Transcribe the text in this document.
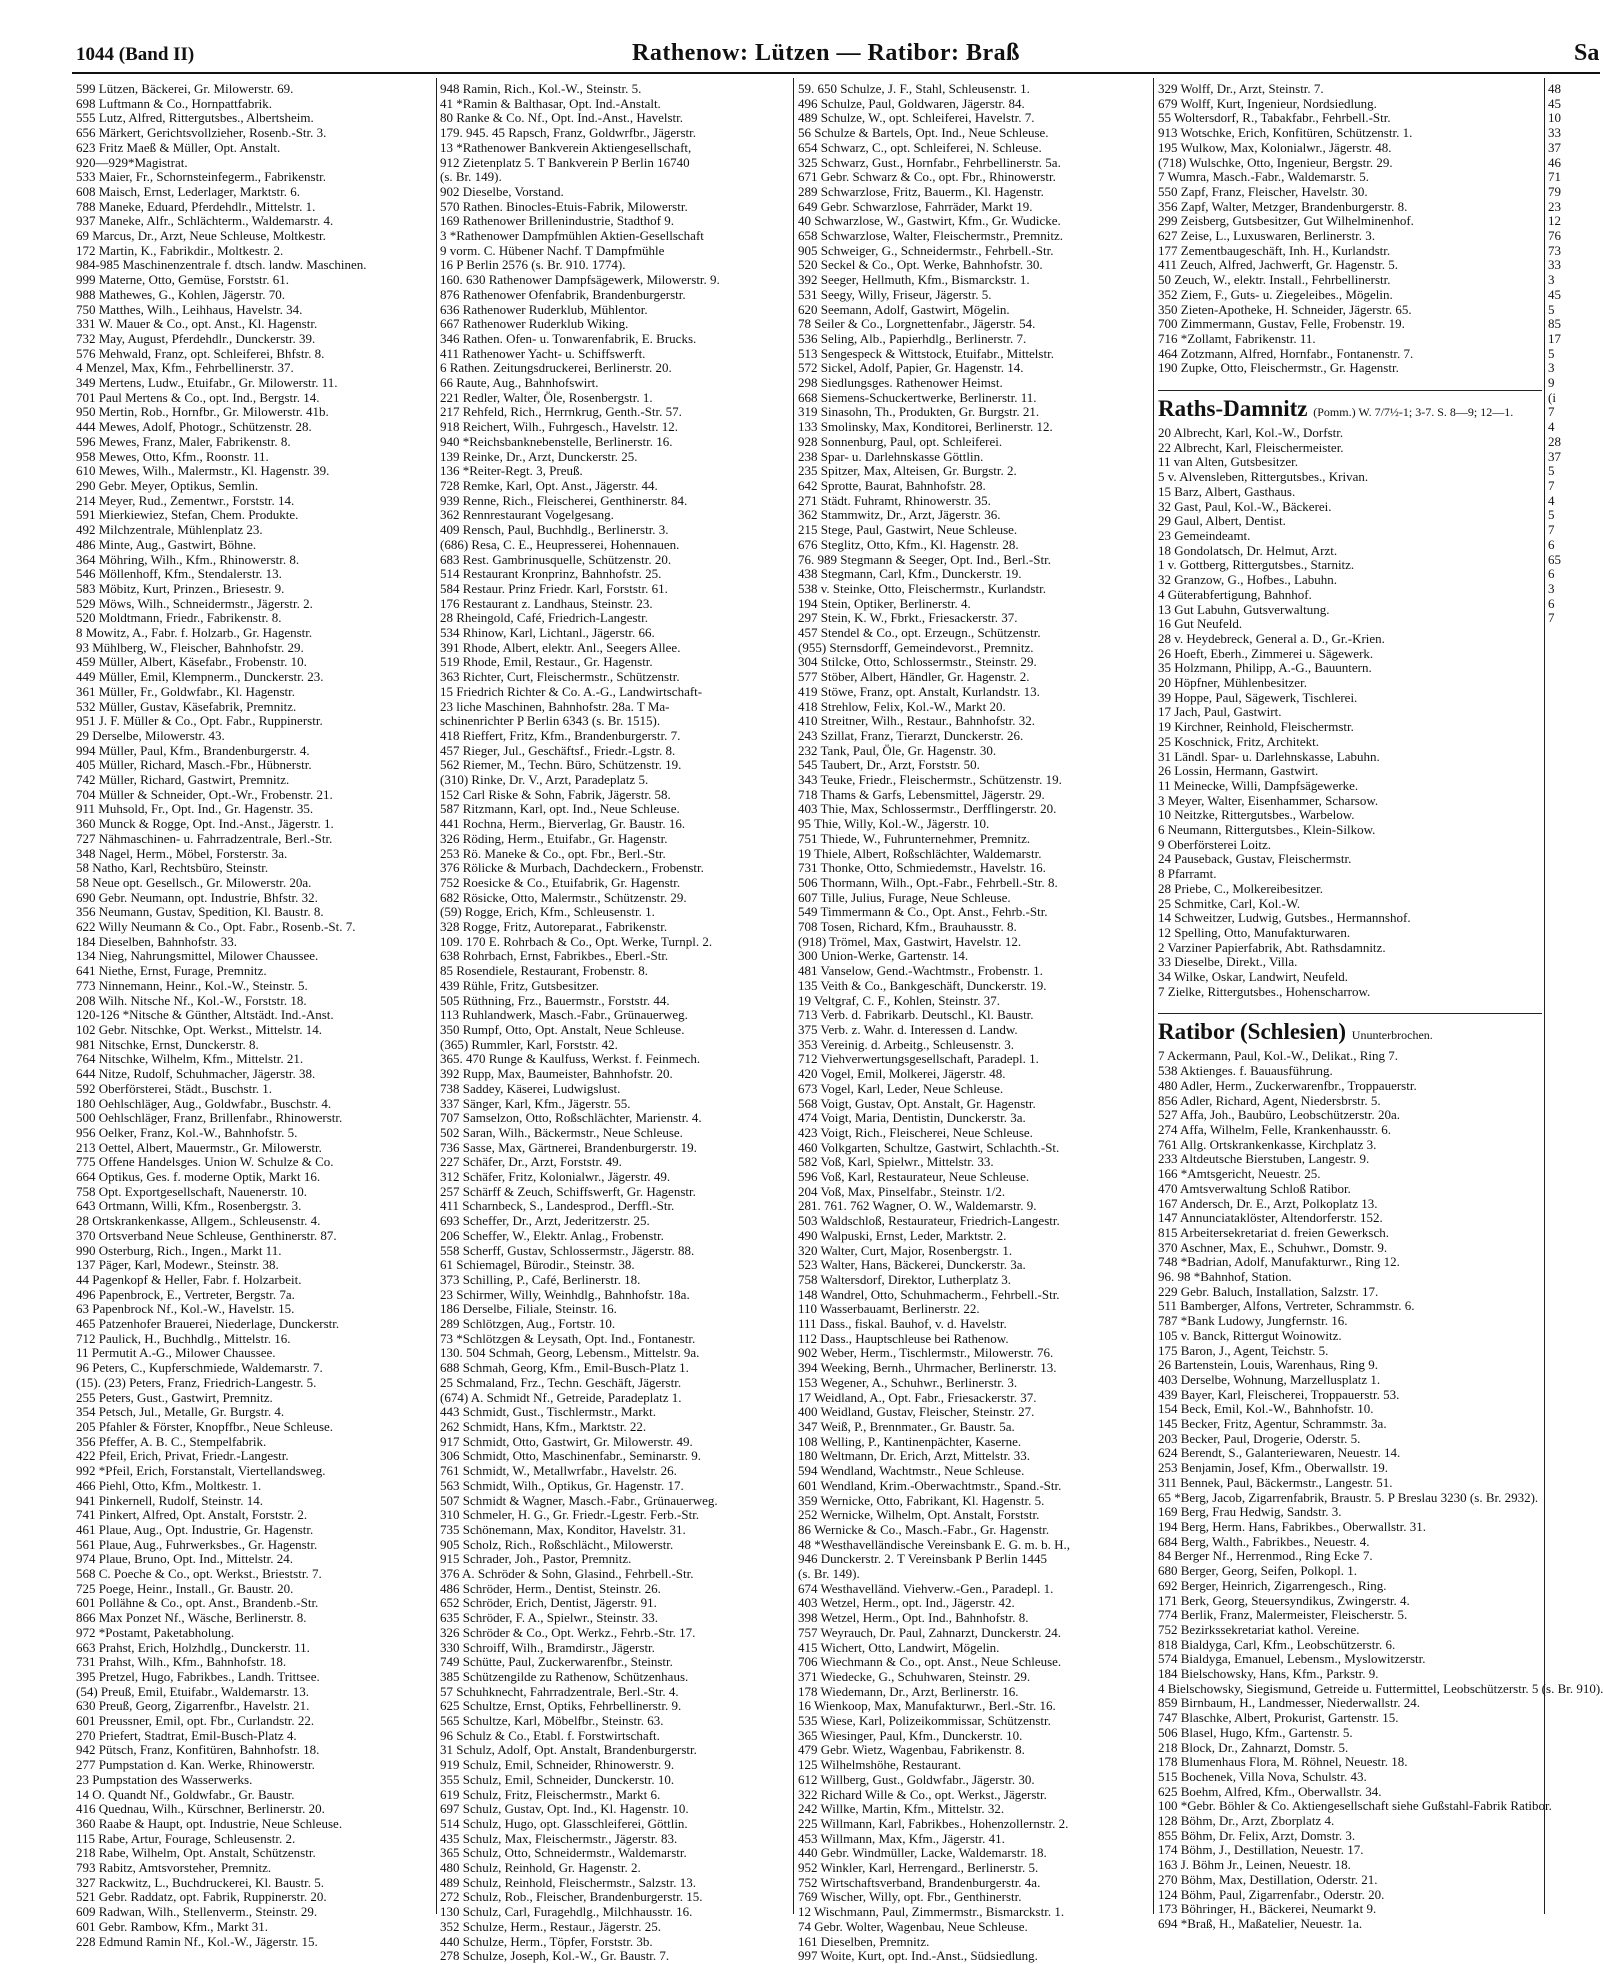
1044 (Band II)	Rathenow: Lützen — Ratibor: Braß	Sa
599 Lützen, Bäckerei, Gr. Milowerstr. 69.
698 Luftmann & Co., Hornpattfabrik.
555 Lutz, Alfred, Rittergutsbes., Albertsheim.
656 Märkert, Gerichtsvollzieher, Rosenb.-Str. 3.
623 Fritz Maeß & Müller, Opt. Anstalt.
920—929*Magistrat.
533 Maier, Fr., Schornsteinfegerm., Fabrikenstr.
608 Maisch, Ernst, Lederlager, Marktstr. 6.
788 Maneke, Eduard, Pferdehdlr., Mittelstr. 1.
937 Maneke, Alfr., Schlächterm., Waldemarstr. 4.
69 Marcus, Dr., Arzt, Neue Schleuse, Moltkestr.
172 Martin, K., Fabrikdir., Moltkestr. 2.
984-985 Maschinenzentrale f. dtsch. landw. Maschinen.
999 Materne, Otto, Gemüse, Forststr. 61.
988 Mathewes, G., Kohlen, Jägerstr. 70.
750 Matthes, Wilh., Leihhaus, Havelstr. 34.
331 W. Mauer & Co., opt. Anst., Kl. Hagenstr.
732 May, August, Pferdehdlr., Dunckerstr. 39.
576 Mehwald, Franz, opt. Schleiferei, Bhfstr. 8.
4 Menzel, Max, Kfm., Fehrbellinerstr. 37.
349 Mertens, Ludw., Etuifabr., Gr. Milowerstr. 11.
701 Paul Mertens & Co., opt. Ind., Bergstr. 14.
950 Mertin, Rob., Hornfbr., Gr. Milowerstr. 41b.
444 Mewes, Adolf, Photogr., Schützenstr. 28.
596 Mewes, Franz, Maler, Fabrikenstr. 8.
958 Mewes, Otto, Kfm., Roonstr. 11.
610 Mewes, Wilh., Malermstr., Kl. Hagenstr. 39.
290 Gebr. Meyer, Optikus, Semlin.
214 Meyer, Rud., Zementwr., Forststr. 14.
591 Mierkiewiez, Stefan, Chem. Produkte.
492 Milchzentrale, Mühlenplatz 23.
486 Minte, Aug., Gastwirt, Böhne.
364 Möhring, Wilh., Kfm., Rhinowerstr. 8.
546 Möllenhoff, Kfm., Stendalerstr. 13.
583 Möbitz, Kurt, Prinzen., Briesestr. 9.
529 Möws, Wilh., Schneidermstr., Jägerstr. 2.
520 Moldtmann, Friedr., Fabrikenstr. 8.
8 Mowitz, A., Fabr. f. Holzarb., Gr. Hagenstr.
93 Mühlberg, W., Fleischer, Bahnhofstr. 29.
459 Müller, Albert, Käsefabr., Frobenstr. 10.
449 Müller, Emil, Klempnerm., Dunckerstr. 23.
361 Müller, Fr., Goldwfabr., Kl. Hagenstr.
532 Müller, Gustav, Käsefabrik, Premnitz.
951 J. F. Müller & Co., Opt. Fabr., Ruppinerstr.
29 Derselbe, Milowerstr. 43.
994 Müller, Paul, Kfm., Brandenburgerstr. 4.
405 Müller, Richard, Masch.-Fbr., Hübnerstr.
742 Müller, Richard, Gastwirt, Premnitz.
704 Müller & Schneider, Opt.-Wr., Frobenstr. 21.
911 Muhsold, Fr., Opt. Ind., Gr. Hagenstr. 35.
360 Munck & Rogge, Opt. Ind.-Anst., Jägerstr. 1.
727 Nähmaschinen- u. Fahrradzentrale, Berl.-Str.
348 Nagel, Herm., Möbel, Forsterstr. 3a.
58 Natho, Karl, Rechtsbüro, Steinstr.
58 Neue opt. Gesellsch., Gr. Milowerstr. 20a.
690 Gebr. Neumann, opt. Industrie, Bhfstr. 32.
356 Neumann, Gustav, Spedition, Kl. Baustr. 8.
622 Willy Neumann & Co., Opt. Fabr., Rosenb.-St. 7.
184 Dieselben, Bahnhofstr. 33.
134 Nieg, Nahrungsmittel, Milower Chaussee.
641 Niethe, Ernst, Furage, Premnitz.
773 Ninnemann, Heinr., Kol.-W., Steinstr. 5.
208 Wilh. Nitsche Nf., Kol.-W., Forststr. 18.
120-126 *Nitsche & Günther, Altstädt. Ind.-Anst.
102 Gebr. Nitschke, Opt. Werkst., Mittelstr. 14.
981 Nitschke, Ernst, Dunckerstr. 8.
764 Nitschke, Wilhelm, Kfm., Mittelstr. 21.
644 Nitze, Rudolf, Schuhmacher, Jägerstr. 38.
592 Oberförsterei, Städt., Buschstr. 1.
180 Oehlschläger, Aug., Goldwfabr., Buschstr. 4.
500 Oehlschläger, Franz, Brillenfabr., Rhinowerstr.
956 Oelker, Franz, Kol.-W., Bahnhofstr. 5.
213 Oettel, Albert, Mauermstr., Gr. Milowerstr.
775 Offene Handelsges. Union W. Schulze & Co.
664 Optikus, Ges. f. moderne Optik, Markt 16.
758 Opt. Exportgesellschaft, Nauenerstr. 10.
643 Ortmann, Willi, Kfm., Rosenbergstr. 3.
28 Ortskrankenkasse, Allgem., Schleusenstr. 4.
370 Ortsverband Neue Schleuse, Genthinerstr. 87.
990 Osterburg, Rich., Ingen., Markt 11.
137 Päger, Karl, Modewr., Steinstr. 38.
44 Pagenkopf & Heller, Fabr. f. Holzarbeit.
496 Papenbrock, E., Vertreter, Bergstr. 7a.
63 Papenbrock Nf., Kol.-W., Havelstr. 15.
465 Patzenhofer Brauerei, Niederlage, Dunckerstr.
712 Paulick, H., Buchhdlg., Mittelstr. 16.
11 Permutit A.-G., Milower Chaussee.
96 Peters, C., Kupferschmiede, Waldemarstr. 7.
(15). (23) Peters, Franz, Friedrich-Langestr. 5.
255 Peters, Gust., Gastwirt, Premnitz.
354 Petsch, Jul., Metalle, Gr. Burgstr. 4.
205 Pfahler & Förster, Knopffbr., Neue Schleuse.
356 Pfeffer, A. B. C., Stempelfabrik.
422 Pfeil, Erich, Privat, Friedr.-Langestr.
992 *Pfeil, Erich, Forstanstalt, Viertellandsweg.
466 Piehl, Otto, Kfm., Moltkestr. 1.
941 Pinkernell, Rudolf, Steinstr. 14.
741 Pinkert, Alfred, Opt. Anstalt, Forststr. 2.
461 Plaue, Aug., Opt. Industrie, Gr. Hagenstr.
561 Plaue, Aug., Fuhrwerksbes., Gr. Hagenstr.
974 Plaue, Bruno, Opt. Ind., Mittelstr. 24.
568 C. Poeche & Co., opt. Werkst., Brieststr. 7.
725 Poege, Heinr., Install., Gr. Baustr. 20.
601 Pollähne & Co., opt. Anst., Brandenb.-Str.
866 Max Ponzet Nf., Wäsche, Berlinerstr. 8.
972 *Postamt, Paketabholung.
663 Prahst, Erich, Holzhdlg., Dunckerstr. 11.
731 Prahst, Wilh., Kfm., Bahnhofstr. 18.
395 Pretzel, Hugo, Fabrikbes., Landh. Trittsee.
(54) Preuß, Emil, Etuifabr., Waldemarstr. 13.
630 Preuß, Georg, Zigarrenfbr., Havelstr. 21.
601 Preussner, Emil, opt. Fbr., Curlandstr. 22.
270 Priefert, Stadtrat, Emil-Busch-Platz 4.
942 Pütsch, Franz, Konfitüren, Bahnhofstr. 18.
277 Pumpstation d. Kan. Werke, Rhinowerstr.
23 Pumpstation des Wasserwerks.
14 O. Quandt Nf., Goldwfabr., Gr. Baustr.
416 Quednau, Wilh., Kürschner, Berlinerstr. 20.
360 Raabe & Haupt, opt. Industrie, Neue Schleuse.
115 Rabe, Artur, Fourage, Schleusenstr. 2.
218 Rabe, Wilhelm, Opt. Anstalt, Schützenstr.
793 Rabitz, Amtsvorsteher, Premnitz.
327 Rackwitz, L., Buchdruckerei, Kl. Baustr. 5.
521 Gebr. Raddatz, opt. Fabrik, Ruppinerstr. 20.
609 Radwan, Wilh., Stellenverm., Steinstr. 29.
601 Gebr. Rambow, Kfm., Markt 31.
228 Edmund Ramin Nf., Kol.-W., Jägerstr. 15.
948 Ramin, Rich., Kol.-W., Steinstr. 5.
41 *Ramin & Balthasar, Opt. Ind.-Anstalt.
80 Ranke & Co. Nf., Opt. Ind.-Anst., Havelstr.
179. 945. 45 Rapsch, Franz, Goldwrfbr., Jägerstr.
13 *Rathenower Bankverein Aktiengesellschaft,
912 Zietenplatz 5. T Bankverein P Berlin 16740
(s. Br. 149).
902 Dieselbe, Vorstand.
570 Rathen. Binocles-Etuis-Fabrik, Milowerstr.
169 Rathenower Brillenindustrie, Stadthof 9.
3 *Rathenower Dampfmühlen Aktien-Gesellschaft
9 vorm. C. Hübener Nachf. T Dampfmühle
16 P Berlin 2576 (s. Br. 910. 1774).
160. 630 Rathenower Dampfsägewerk, Milowerstr. 9.
876 Rathenower Ofenfabrik, Brandenburgerstr.
636 Rathenower Ruderklub, Mühlentor.
667 Rathenower Ruderklub Wiking.
346 Rathen. Ofen- u. Tonwarenfabrik, E. Brucks.
411 Rathenower Yacht- u. Schiffswerft.
6 Rathen. Zeitungsdruckerei, Berlinerstr. 20.
66 Raute, Aug., Bahnhofswirt.
221 Redler, Walter, Öle, Rosenbergstr. 1.
217 Rehfeld, Rich., Herrnkrug, Genth.-Str. 57.
918 Reichert, Wilh., Fuhrgesch., Havelstr. 12.
940 *Reichsbanknebenstelle, Berlinerstr. 16.
139 Reinke, Dr., Arzt, Dunckerstr. 25.
136 *Reiter-Regt. 3, Preuß.
728 Remke, Karl, Opt. Anst., Jägerstr. 44.
939 Renne, Rich., Fleischerei, Genthinerstr. 84.
362 Rennrestaurant Vogelgesang.
409 Rensch, Paul, Buchhdlg., Berlinerstr. 3.
(686) Resa, C. E., Heupresserei, Hohennauen.
683 Rest. Gambrinusquelle, Schützenstr. 20.
514 Restaurant Kronprinz, Bahnhofstr. 25.
584 Restaur. Prinz Friedr. Karl, Forststr. 61.
176 Restaurant z. Landhaus, Steinstr. 23.
28 Rheingold, Café, Friedrich-Langestr.
534 Rhinow, Karl, Lichtanl., Jägerstr. 66.
391 Rhode, Albert, elektr. Anl., Seegers Allee.
519 Rhode, Emil, Restaur., Gr. Hagenstr.
363 Richter, Curt, Fleischermstr., Schützenstr.
15 Friedrich Richter & Co. A.-G., Landwirtschaft-
23 liche Maschinen, Bahnhofstr. 28a. T Ma-
schinenrichter P Berlin 6343 (s. Br. 1515).
418 Rieffert, Fritz, Kfm., Brandenburgerstr. 7.
457 Rieger, Jul., Geschäftsf., Friedr.-Lgstr. 8.
562 Riemer, M., Techn. Büro, Schützenstr. 19.
(310) Rinke, Dr. V., Arzt, Paradeplatz 5.
152 Carl Riske & Sohn, Fabrik, Jägerstr. 58.
587 Ritzmann, Karl, opt. Ind., Neue Schleuse.
441 Rochna, Herm., Bierverlag, Gr. Baustr. 16.
326 Röding, Herm., Etuifabr., Gr. Hagenstr.
253 Rö. Maneke & Co., opt. Fbr., Berl.-Str.
376 Rölicke & Murbach, Dachdeckern., Frobenstr.
752 Roesicke & Co., Etuifabrik, Gr. Hagenstr.
682 Rösicke, Otto, Malermstr., Schützenstr. 29.
(59) Rogge, Erich, Kfm., Schleusenstr. 1.
328 Rogge, Fritz, Autoreparat., Fabrikenstr.
109. 170 E. Rohrbach & Co., Opt. Werke, Turnpl. 2.
638 Rohrbach, Ernst, Fabrikbes., Eberl.-Str.
85 Rosendiele, Restaurant, Frobenstr. 8.
439 Rühle, Fritz, Gutsbesitzer.
505 Rüthning, Frz., Bauermstr., Forststr. 44.
113 Ruhlandwerk, Masch.-Fabr., Grünauerweg.
350 Rumpf, Otto, Opt. Anstalt, Neue Schleuse.
(365) Rummler, Karl, Forststr. 42.
365. 470 Runge & Kaulfuss, Werkst. f. Feinmech.
392 Rupp, Max, Baumeister, Bahnhofstr. 20.
738 Saddey, Käserei, Ludwigslust.
337 Sänger, Karl, Kfm., Jägerstr. 55.
707 Samselzon, Otto, Roßschlächter, Marienstr. 4.
502 Saran, Wilh., Bäckermstr., Neue Schleuse.
736 Sasse, Max, Gärtnerei, Brandenburgerstr. 19.
227 Schäfer, Dr., Arzt, Forststr. 49.
312 Schäfer, Fritz, Kolonialwr., Jägerstr. 49.
257 Schärff & Zeuch, Schiffswerft, Gr. Hagenstr.
411 Scharnbeck, S., Landesprod., Derffl.-Str.
693 Scheffer, Dr., Arzt, Jederitzerstr. 25.
206 Scheffer, W., Elektr. Anlag., Frobenstr.
558 Scherff, Gustav, Schlossermstr., Jägerstr. 88.
61 Schiemagel, Bürodir., Steinstr. 38.
373 Schilling, P., Café, Berlinerstr. 18.
23 Schirmer, Willy, Weinhdlg., Bahnhofstr. 18a.
186 Derselbe, Filiale, Steinstr. 16.
289 Schlötzgen, Aug., Fortstr. 10.
73 *Schlötzgen & Leysath, Opt. Ind., Fontanestr.
130. 504 Schmah, Georg, Lebensm., Mittelstr. 9a.
688 Schmah, Georg, Kfm., Emil-Busch-Platz 1.
25 Schmaland, Frz., Techn. Geschäft, Jägerstr.
(674) A. Schmidt Nf., Getreide, Paradeplatz 1.
443 Schmidt, Gust., Tischlermstr., Markt.
262 Schmidt, Hans, Kfm., Marktstr. 22.
917 Schmidt, Otto, Gastwirt, Gr. Milowerstr. 49.
306 Schmidt, Otto, Maschinenfabr., Seminarstr. 9.
761 Schmidt, W., Metallwrfabr., Havelstr. 26.
563 Schmidt, Wilh., Optikus, Gr. Hagenstr. 17.
507 Schmidt & Wagner, Masch.-Fabr., Grünauerweg.
310 Schmeler, H. G., Gr. Friedr.-Lgestr. Ferb.-Str.
735 Schönemann, Max, Konditor, Havelstr. 31.
905 Scholz, Rich., Roßschlächt., Milowerstr.
915 Schrader, Joh., Pastor, Premnitz.
376 A. Schröder & Sohn, Glasind., Fehrbell.-Str.
486 Schröder, Herm., Dentist, Steinstr. 26.
652 Schröder, Erich, Dentist, Jägerstr. 91.
635 Schröder, F. A., Spielwr., Steinstr. 33.
326 Schröder & Co., Opt. Werkz., Fehrb.-Str. 17.
330 Schroiff, Wilh., Bramdirstr., Jägerstr.
749 Schütte, Paul, Zuckerwarenfbr., Steinstr.
385 Schützengilde zu Rathenow, Schützenhaus.
57 Schuhknecht, Fahrradzentrale, Berl.-Str. 4.
625 Schultze, Ernst, Optiks, Fehrbellinerstr. 9.
565 Schultze, Karl, Möbelfbr., Steinstr. 63.
96 Schulz & Co., Etabl. f. Forstwirtschaft.
31 Schulz, Adolf, Opt. Anstalt, Brandenburgerstr.
919 Schulz, Emil, Schneider, Rhinowerstr. 9.
355 Schulz, Emil, Schneider, Dunckerstr. 10.
619 Schulz, Fritz, Fleischermstr., Markt 6.
697 Schulz, Gustav, Opt. Ind., Kl. Hagenstr. 10.
514 Schulz, Hugo, opt. Glasschleiferei, Göttlin.
435 Schulz, Max, Fleischermstr., Jägerstr. 83.
365 Schulz, Otto, Schneidermstr., Waldemarstr.
480 Schulz, Reinhold, Gr. Hagenstr. 2.
489 Schulz, Reinhold, Fleischermstr., Salzstr. 13.
272 Schulz, Rob., Fleischer, Brandenburgerstr. 15.
130 Schulz, Carl, Furagehdlg., Milchhausstr. 16.
352 Schulze, Herm., Restaur., Jägerstr. 25.
440 Schulze, Herm., Töpfer, Forststr. 3b.
278 Schulze, Joseph, Kol.-W., Gr. Baustr. 7.
59. 650 Schulze, J. F., Stahl, Schleusenstr. 1.
496 Schulze, Paul, Goldwaren, Jägerstr. 84.
489 Schulze, W., opt. Schleiferei, Havelstr. 7.
56 Schulze & Bartels, Opt. Ind., Neue Schleuse.
654 Schwarz, C., opt. Schleiferei, N. Schleuse.
325 Schwarz, Gust., Hornfabr., Fehrbellinerstr. 5a.
671 Gebr. Schwarz & Co., opt. Fbr., Rhinowerstr.
289 Schwarzlose, Fritz, Bauerm., Kl. Hagenstr.
649 Gebr. Schwarzlose, Fahrräder, Markt 19.
40 Schwarzlose, W., Gastwirt, Kfm., Gr. Wudicke.
658 Schwarzlose, Walter, Fleischermstr., Premnitz.
905 Schweiger, G., Schneidermstr., Fehrbell.-Str.
520 Seckel & Co., Opt. Werke, Bahnhofstr. 30.
392 Seeger, Hellmuth, Kfm., Bismarckstr. 1.
531 Seegy, Willy, Friseur, Jägerstr. 5.
620 Seemann, Adolf, Gastwirt, Mögelin.
78 Seiler & Co., Lorgnettenfabr., Jägerstr. 54.
536 Seling, Alb., Papierhdlg., Berlinerstr. 7.
513 Sengespeck & Wittstock, Etuifabr., Mittelstr.
572 Sickel, Adolf, Papier, Gr. Hagenstr. 14.
298 Siedlungsges. Rathenower Heimst.
668 Siemens-Schuckertwerke, Berlinerstr. 11.
319 Sinasohn, Th., Produkten, Gr. Burgstr. 21.
133 Smolinsky, Max, Konditorei, Berlinerstr. 12.
928 Sonnenburg, Paul, opt. Schleiferei.
238 Spar- u. Darlehnskasse Göttlin.
235 Spitzer, Max, Alteisen, Gr. Burgstr. 2.
642 Sprotte, Baurat, Bahnhofstr. 28.
271 Städt. Fuhramt, Rhinowerstr. 35.
362 Stammwitz, Dr., Arzt, Jägerstr. 36.
215 Stege, Paul, Gastwirt, Neue Schleuse.
676 Steglitz, Otto, Kfm., Kl. Hagenstr. 28.
76. 989 Stegmann & Seeger, Opt. Ind., Berl.-Str.
438 Stegmann, Carl, Kfm., Dunckerstr. 19.
538 v. Steinke, Otto, Fleischermstr., Kurlandstr.
194 Stein, Optiker, Berlinerstr. 4.
297 Stein, K. W., Fbrkt., Friesackerstr. 37.
457 Stendel & Co., opt. Erzeugn., Schützenstr.
(955) Sternsdorff, Gemeindevorst., Premnitz.
304 Stilcke, Otto, Schlossermstr., Steinstr. 29.
577 Stöber, Albert, Händler, Gr. Hagenstr. 2.
419 Stöwe, Franz, opt. Anstalt, Kurlandstr. 13.
418 Strehlow, Felix, Kol.-W., Markt 20.
410 Streitner, Wilh., Restaur., Bahnhofstr. 32.
243 Szillat, Franz, Tierarzt, Dunckerstr. 26.
232 Tank, Paul, Öle, Gr. Hagenstr. 30.
545 Taubert, Dr., Arzt, Forststr. 50.
343 Teuke, Friedr., Fleischermstr., Schützenstr. 19.
718 Thams & Garfs, Lebensmittel, Jägerstr. 29.
403 Thie, Max, Schlossermstr., Derfflingerstr. 20.
95 Thie, Willy, Kol.-W., Jägerstr. 10.
751 Thiede, W., Fuhrunternehmer, Premnitz.
19 Thiele, Albert, Roßschlächter, Waldemarstr.
731 Thonke, Otto, Schmiedemstr., Havelstr. 16.
506 Thormann, Wilh., Opt.-Fabr., Fehrbell.-Str. 8.
607 Tille, Julius, Furage, Neue Schleuse.
549 Timmermann & Co., Opt. Anst., Fehrb.-Str.
708 Tosen, Richard, Kfm., Brauhausstr. 8.
(918) Trömel, Max, Gastwirt, Havelstr. 12.
300 Union-Werke, Gartenstr. 14.
481 Vanselow, Gend.-Wachtmstr., Frobenstr. 1.
135 Veith & Co., Bankgeschäft, Dunckerstr. 19.
19 Veltgraf, C. F., Kohlen, Steinstr. 37.
713 Verb. d. Fabrikarb. Deutschl., Kl. Baustr.
375 Verb. z. Wahr. d. Interessen d. Landw.
353 Vereinig. d. Arbeitg., Schleusenstr. 3.
712 Viehverwertungsgesellschaft, Paradepl. 1.
420 Vogel, Emil, Molkerei, Jägerstr. 48.
673 Vogel, Karl, Leder, Neue Schleuse.
568 Voigt, Gustav, Opt. Anstalt, Gr. Hagenstr.
474 Voigt, Maria, Dentistin, Dunckerstr. 3a.
423 Voigt, Rich., Fleischerei, Neue Schleuse.
460 Volkgarten, Schultze, Gastwirt, Schlachth.-St.
582 Voß, Karl, Spielwr., Mittelstr. 33.
596 Voß, Karl, Restaurateur, Neue Schleuse.
204 Voß, Max, Pinselfabr., Steinstr. 1/2.
281. 761. 762 Wagner, O. W., Waldemarstr. 9.
503 Waldschloß, Restaurateur, Friedrich-Langestr.
490 Walpuski, Ernst, Leder, Marktstr. 2.
320 Walter, Curt, Major, Rosenbergstr. 1.
523 Walter, Hans, Bäckerei, Dunckerstr. 3a.
758 Waltersdorf, Direktor, Lutherplatz 3.
148 Wandrel, Otto, Schuhmacherm., Fehrbell.-Str.
110 Wasserbauamt, Berlinerstr. 22.
111 Dass., fiskal. Bauhof, v. d. Havelstr.
112 Dass., Hauptschleuse bei Rathenow.
902 Weber, Herm., Tischlermstr., Milowerstr. 76.
394 Weeking, Bernh., Uhrmacher, Berlinerstr. 13.
153 Wegener, A., Schuhwr., Berlinerstr. 3.
17 Weidland, A., Opt. Fabr., Friesackerstr. 37.
400 Weidland, Gustav, Fleischer, Steinstr. 27.
347 Weiß, P., Brennmater., Gr. Baustr. 5a.
108 Welling, P., Kantinenpächter, Kaserne.
180 Weltmann, Dr. Erich, Arzt, Mittelstr. 33.
594 Wendland, Wachtmstr., Neue Schleuse.
601 Wendland, Krim.-Oberwachtmstr., Spand.-Str.
359 Wernicke, Otto, Fabrikant, Kl. Hagenstr. 5.
252 Wernicke, Wilhelm, Opt. Anstalt, Forststr.
86 Wernicke & Co., Masch.-Fabr., Gr. Hagenstr.
48 *Westhavelländische Vereinsbank E. G. m. b. H.,
946 Dunckerstr. 2. T Vereinsbank P Berlin 1445
(s. Br. 149).
674 Westhavelländ. Viehverw.-Gen., Paradepl. 1.
403 Wetzel, Herm., opt. Ind., Jägerstr. 42.
398 Wetzel, Herm., Opt. Ind., Bahnhofstr. 8.
757 Weyrauch, Dr. Paul, Zahnarzt, Dunckerstr. 24.
415 Wichert, Otto, Landwirt, Mögelin.
706 Wiechmann & Co., opt. Anst., Neue Schleuse.
371 Wiedecke, G., Schuhwaren, Steinstr. 29.
178 Wiedemann, Dr., Arzt, Berlinerstr. 16.
16 Wienkoop, Max, Manufakturwr., Berl.-Str. 16.
535 Wiese, Karl, Polizeikommissar, Schützenstr.
365 Wiesinger, Paul, Kfm., Dunckerstr. 10.
479 Gebr. Wietz, Wagenbau, Fabrikenstr. 8.
125 Wilhelmshöhe, Restaurant.
612 Willberg, Gust., Goldwfabr., Jägerstr. 30.
322 Richard Wille & Co., opt. Werkst., Jägerstr.
242 Willke, Martin, Kfm., Mittelstr. 32.
225 Willmann, Karl, Fabrikbes., Hohenzollernstr. 2.
453 Willmann, Max, Kfm., Jägerstr. 41.
440 Gebr. Windmüller, Lacke, Waldemarstr. 18.
952 Winkler, Karl, Herrengard., Berlinerstr. 5.
752 Wirtschaftsverband, Brandenburgerstr. 4a.
769 Wischer, Willy, opt. Fbr., Genthinerstr.
12 Wischmann, Paul, Zimmermstr., Bismarckstr. 1.
74 Gebr. Wolter, Wagenbau, Neue Schleuse.
161 Dieselben, Premnitz.
997 Woite, Kurt, opt. Ind.-Anst., Südsiedlung.
329 Wolff, Dr., Arzt, Steinstr. 7.
679 Wolff, Kurt, Ingenieur, Nordsiedlung.
55 Woltersdorf, R., Tabakfabr., Fehrbell.-Str.
913 Wotschke, Erich, Konfitüren, Schützenstr. 1.
195 Wulkow, Max, Kolonialwr., Jägerstr. 48.
(718) Wulschke, Otto, Ingenieur, Bergstr. 29.
7 Wumra, Masch.-Fabr., Waldemarstr. 5.
550 Zapf, Franz, Fleischer, Havelstr. 30.
356 Zapf, Walter, Metzger, Brandenburgerstr. 8.
299 Zeisberg, Gutsbesitzer, Gut Wilhelminenhof.
627 Zeise, L., Luxuswaren, Berlinerstr. 3.
177 Zementbaugeschäft, Inh. H., Kurlandstr.
411 Zeuch, Alfred, Jachwerft, Gr. Hagenstr. 5.
50 Zeuch, W., elektr. Install., Fehrbellinerstr.
352 Ziem, F., Guts- u. Ziegeleibes., Mögelin.
350 Zieten-Apotheke, H. Schneider, Jägerstr. 65.
700 Zimmermann, Gustav, Felle, Frobenstr. 19.
716 *Zollamt, Fabrikenstr. 11.
464 Zotzmann, Alfred, Hornfabr., Fontanenstr. 7.
190 Zupke, Otto, Fleischermstr., Gr. Hagenstr.
Raths-Damnitz (Pomm.) W. 7/7½-1; 3-7. S. 8—9; 12—1.
20 Albrecht, Karl, Kol.-W., Dorfstr.
22 Albrecht, Karl, Fleischermeister.
11 van Alten, Gutsbesitzer.
5 v. Alvensleben, Rittergutsbes., Krivan.
15 Barz, Albert, Gasthaus.
32 Gast, Paul, Kol.-W., Bäckerei.
29 Gaul, Albert, Dentist.
23 Gemeindeamt.
18 Gondolatsch, Dr. Helmut, Arzt.
1 v. Gottberg, Rittergutsbes., Starnitz.
32 Granzow, G., Hofbes., Labuhn.
4 Güterabfertigung, Bahnhof.
13 Gut Labuhn, Gutsverwaltung.
16 Gut Neufeld.
28 v. Heydebreck, General a. D., Gr.-Krien.
26 Hoeft, Eberh., Zimmerei u. Sägewerk.
35 Holzmann, Philipp, A.-G., Bauuntern.
20 Höpfner, Mühlenbesitzer.
39 Hoppe, Paul, Sägewerk, Tischlerei.
17 Jach, Paul, Gastwirt.
19 Kirchner, Reinhold, Fleischermstr.
25 Koschnick, Fritz, Architekt.
31 Ländl. Spar- u. Darlehnskasse, Labuhn.
26 Lossin, Hermann, Gastwirt.
11 Meinecke, Willi, Dampfsägewerke.
3 Meyer, Walter, Eisenhammer, Scharsow.
10 Neitzke, Rittergutsbes., Warbelow.
6 Neumann, Rittergutsbes., Klein-Silkow.
9 Oberförsterei Loitz.
24 Pauseback, Gustav, Fleischermstr.
8 Pfarramt.
28 Priebe, C., Molkereibesitzer.
25 Schmitke, Carl, Kol.-W.
14 Schweitzer, Ludwig, Gutsbes., Hermannshof.
12 Spelling, Otto, Manufakturwaren.
2 Varziner Papierfabrik, Abt. Rathsdamnitz.
33 Dieselbe, Direkt., Villa.
34 Wilke, Oskar, Landwirt, Neufeld.
7 Zielke, Rittergutsbes., Hohenscharrow.
Ratibor (Schlesien) Ununterbrochen.
7 Ackermann, Paul, Kol.-W., Delikat., Ring 7.
538 Aktienges. f. Bauausführung.
480 Adler, Herm., Zuckerwarenfbr., Troppauerstr.
856 Adler, Richard, Agent, Niedersbrstr. 5.
527 Affa, Joh., Baubüro, Leobschützerstr. 20a.
274 Affa, Wilhelm, Felle, Krankenhausstr. 6.
761 Allg. Ortskrankenkasse, Kirchplatz 3.
233 Altdeutsche Bierstuben, Langestr. 9.
166 *Amtsgericht, Neuestr. 25.
470 Amtsverwaltung Schloß Ratibor.
167 Andersch, Dr. E., Arzt, Polkoplatz 13.
147 Annunciataklöster, Altendorferstr. 152.
815 Arbeitersekretariat d. freien Gewerksch.
370 Aschner, Max, E., Schuhwr., Domstr. 9.
748 *Badrian, Adolf, Manufakturwr., Ring 12.
96. 98 *Bahnhof, Station.
229 Gebr. Baluch, Installation, Salzstr. 17.
511 Bamberger, Alfons, Vertreter, Schrammstr. 6.
787 *Bank Ludowy, Jungfernstr. 16.
105 v. Banck, Rittergut Woinowitz.
175 Baron, J., Agent, Teichstr. 5.
26 Bartenstein, Louis, Warenhaus, Ring 9.
403 Derselbe, Wohnung, Marzellusplatz 1.
439 Bayer, Karl, Fleischerei, Troppauerstr. 53.
154 Beck, Emil, Kol.-W., Bahnhofstr. 10.
145 Becker, Fritz, Agentur, Schrammstr. 3a.
203 Becker, Paul, Drogerie, Oderstr. 5.
624 Berendt, S., Galanteriewaren, Neuestr. 14.
253 Benjamin, Josef, Kfm., Oberwallstr. 19.
311 Bennek, Paul, Bäckermstr., Langestr. 51.
65 *Berg, Jacob, Zigarrenfabrik, Braustr. 5. P Breslau 3230 (s. Br. 2932).
169 Berg, Frau Hedwig, Sandstr. 3.
194 Berg, Herm. Hans, Fabrikbes., Oberwallstr. 31.
684 Berg, Walth., Fabrikbes., Neuestr. 4.
84 Berger Nf., Herrenmod., Ring Ecke 7.
680 Berger, Georg, Seifen, Polkopl. 1.
692 Berger, Heinrich, Zigarrengesch., Ring.
171 Berk, Georg, Steuersyndikus, Zwingerstr. 4.
774 Berlik, Franz, Malermeister, Fleischerstr. 5.
752 Bezirkssekretariat kathol. Vereine.
818 Bialdyga, Carl, Kfm., Leobschützerstr. 6.
574 Bialdyga, Emanuel, Lebensm., Myslowitzerstr.
184 Bielschowsky, Hans, Kfm., Parkstr. 9.
4 Bielschowsky, Siegismund, Getreide u. Futtermittel, Leobschützerstr. 5 (s. Br. 910).
859 Birnbaum, H., Landmesser, Niederwallstr. 24.
747 Blaschke, Albert, Prokurist, Gartenstr. 15.
506 Blasel, Hugo, Kfm., Gartenstr. 5.
218 Block, Dr., Zahnarzt, Domstr. 5.
178 Blumenhaus Flora, M. Röhnel, Neuestr. 18.
515 Bochenek, Villa Nova, Schulstr. 43.
625 Boehm, Alfred, Kfm., Oberwallstr. 34.
100 *Gebr. Böhler & Co. Aktiengesellschaft siehe Gußstahl-Fabrik Ratibor.
128 Böhm, Dr., Arzt, Zborplatz 4.
855 Böhm, Dr. Felix, Arzt, Domstr. 3.
174 Böhm, J., Destillation, Neuestr. 17.
163 J. Böhm Jr., Leinen, Neuestr. 18.
270 Böhm, Max, Destillation, Oderstr. 21.
124 Böhm, Paul, Zigarrenfabr., Oderstr. 20.
173 Böhringer, H., Bäckerei, Neumarkt 9.
694 *Braß, H., Maßatelier, Neuestr. 1a.
48
45
10
33
37
46
71
79
23
12
76
73
33
3
45
5
85
17
5
3
9
(i
7
4
28
37
5
7
4
5
7
6
65
6
3
6
7
